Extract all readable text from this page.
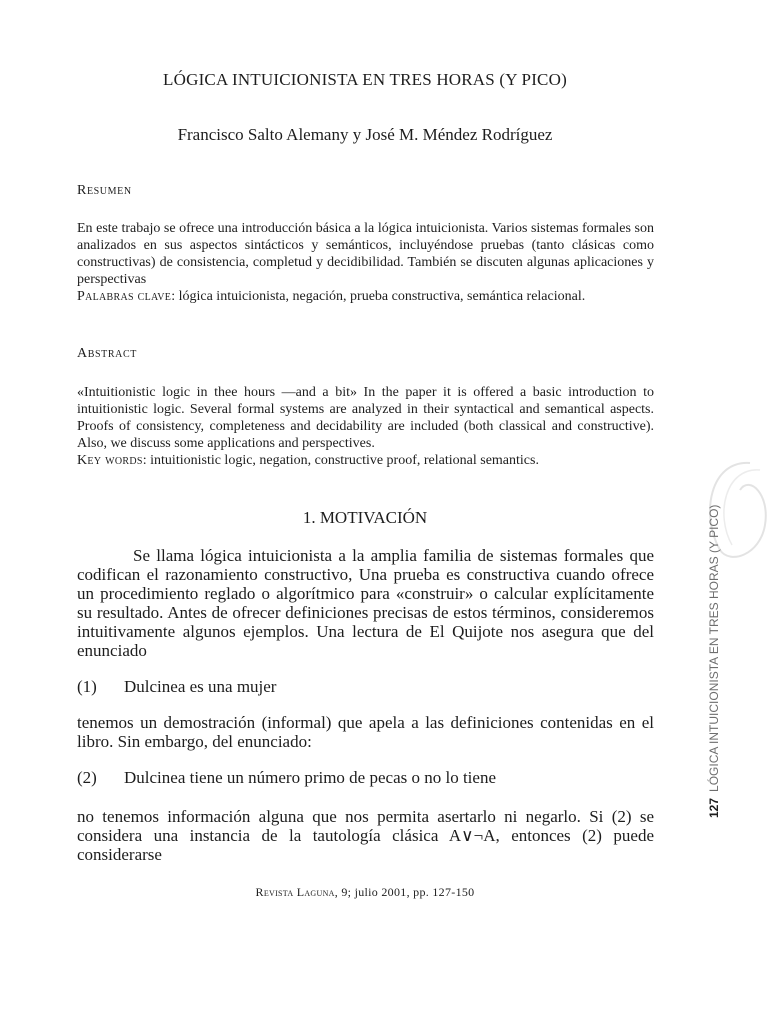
LÓGICA INTUICIONISTA EN TRES HORAS (Y PICO)
Francisco Salto Alemany y José M. Méndez Rodríguez
Resumen

En este trabajo se ofrece una introducción básica a la lógica intuicionista. Varios sistemas formales son analizados en sus aspectos sintácticos y semánticos, incluyéndose pruebas (tanto clásicas como constructivas) de consistencia, completud y decidibilidad. También se discuten algunas aplicaciones y perspectivas

Palabras clave: lógica intuicionista, negación, prueba constructiva, semántica relacional.

Abstract

«Intuitionistic logic in thee hours —and a bit» In the paper it is offered a basic introduction to intuitionistic logic. Several formal systems are analyzed in their syntactical and semantical aspects. Proofs of consistency, completeness and decidability are included (both classical and constructive). Also, we discuss some applications and perspectives.

Key words: intuitionistic logic, negation, constructive proof, relational semantics.

1. MOTIVACIÓN

Se llama lógica intuicionista a la amplia familia de sistemas formales que codifican el razonamiento constructivo, Una prueba es constructiva cuando ofrece un procedimiento reglado o algorítmico para «construir» o calcular explícitamente su resultado. Antes de ofrecer definiciones precisas de estos términos, consideremos intuitivamente algunos ejemplos. Una lectura de El Quijote nos asegura que del enunciado

(1) Dulcinea es una mujer

tenemos un demostración (informal) que apela a las definiciones contenidas en el libro. Sin embargo, del enunciado:

(2) Dulcinea tiene un número primo de pecas o no lo tiene

no tenemos información alguna que nos permita asertarlo ni negarlo. Si (2) se considera una instancia de la tautología clásica A∨¬A, entonces (2) puede considerarse

Revista Laguna, 9; julio 2001, pp. 127-150
127LÓGICA INTUICIONISTA EN TRES HORAS (Y PICO)
